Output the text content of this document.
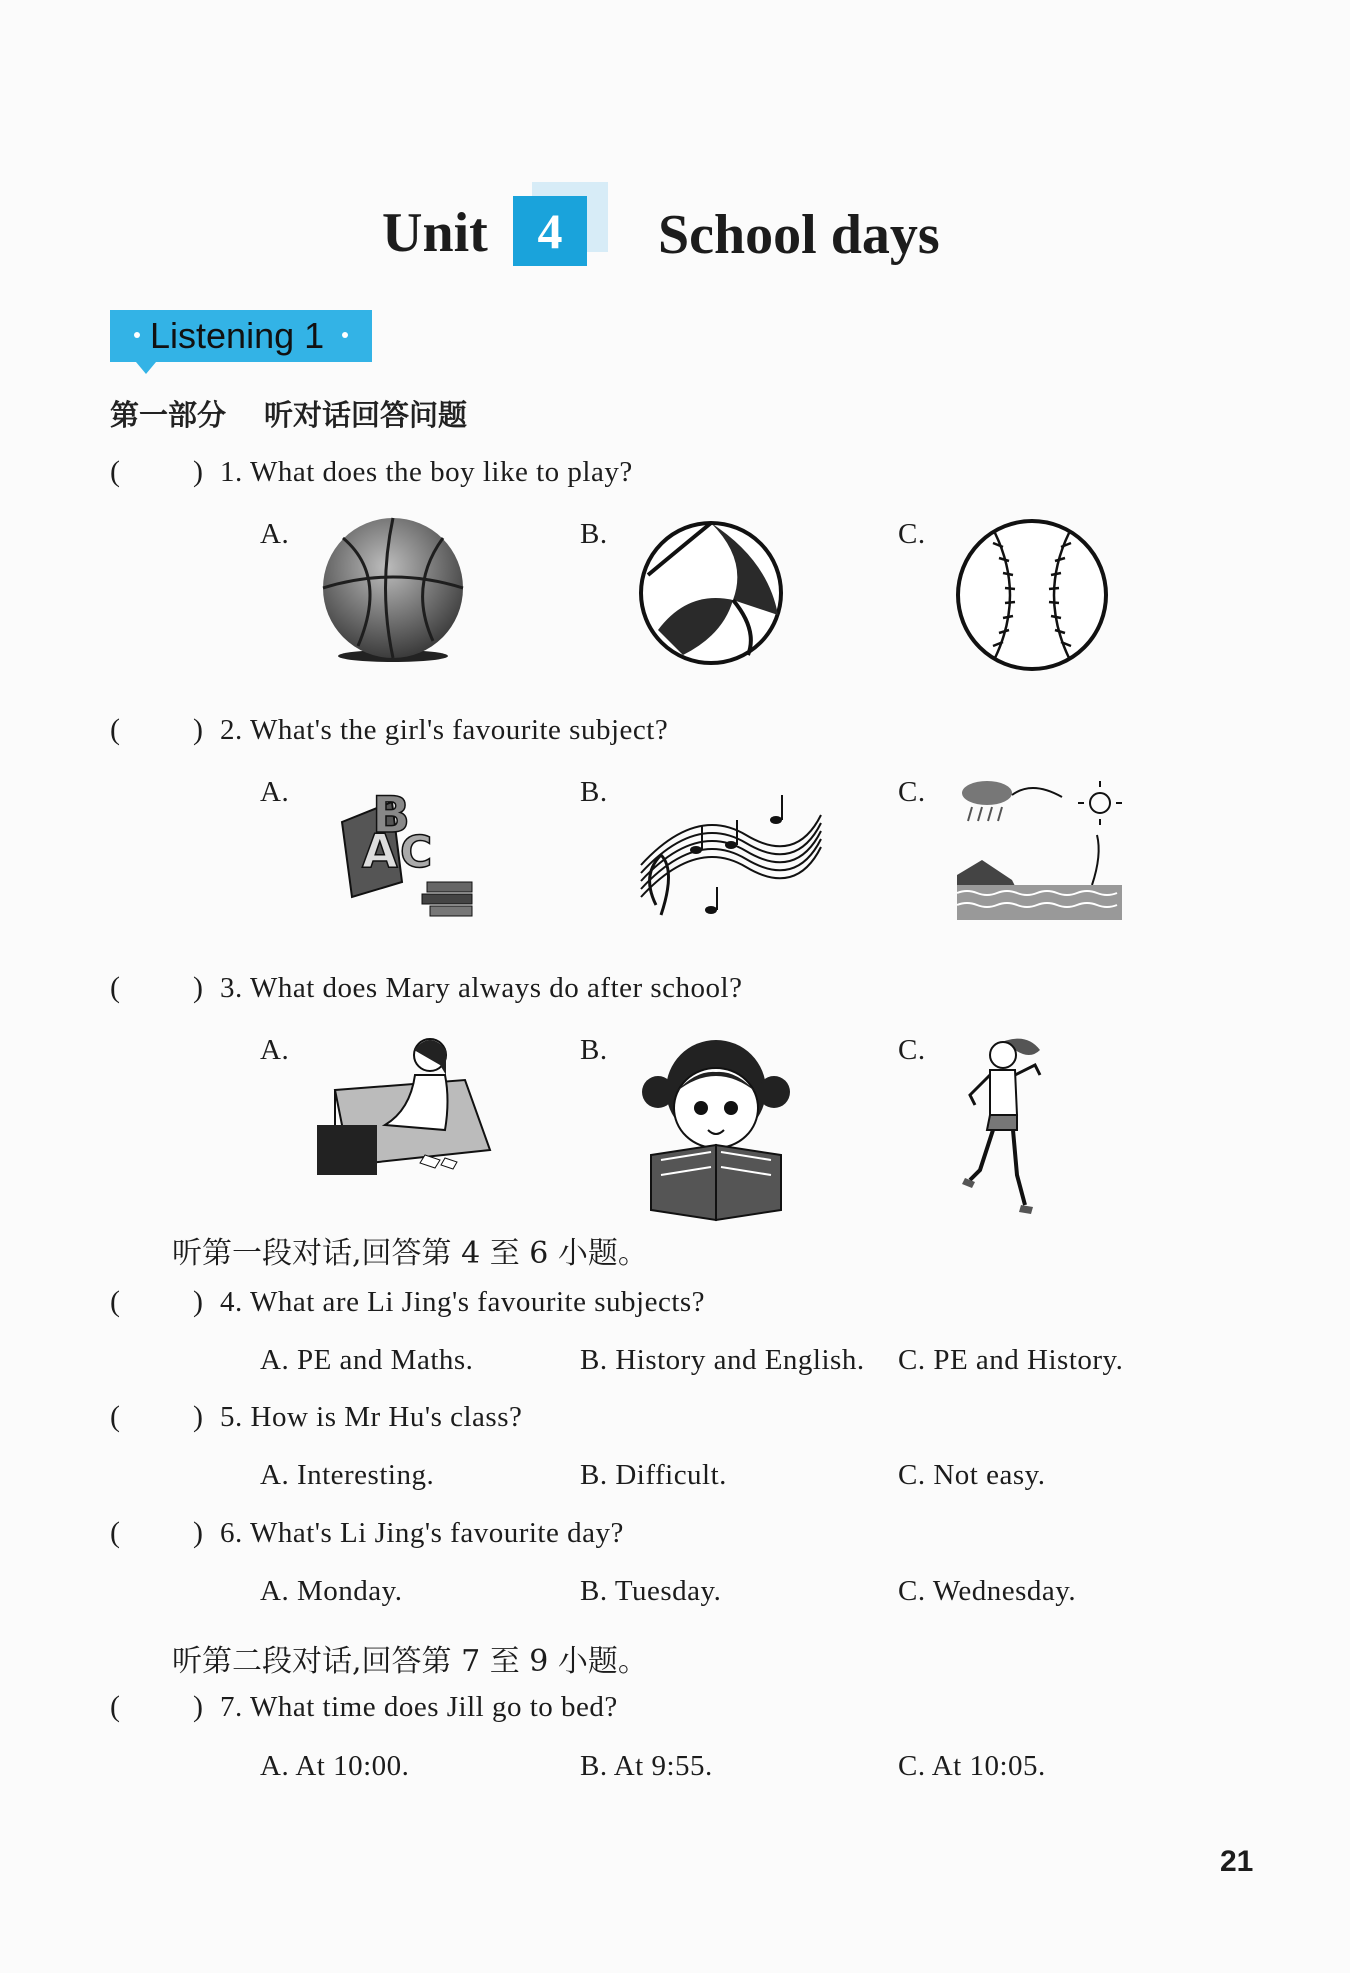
Unit 4	School days
Listening 1
第一部分 听对话回答问题
( ) 1. What does the boy like to play?
A.	B.	C.
( ) 2. What's the girl's favourite subject?
A.	B.	C.
A
B
C
( ) 3. What does Mary always do after school?
A.	B.	C.
听第一段对话,回答第 4 至 6 小题。
( ) 4. What are Li Jing's favourite subjects?
A. PE and Maths.	B. History and English. C. PE and History.
( ) 5. How is Mr Hu's class?
A. Interesting.	B. Difficult.	C. Not easy.
( ) 6. What's Li Jing's favourite day?
A. Monday.	B. Tuesday.	C. Wednesday.
听第二段对话,回答第 7 至 9 小题。
( ) 7. What time does Jill go to bed?
A. At 10:00.	B. At 9:55.	C. At 10:05.
21
